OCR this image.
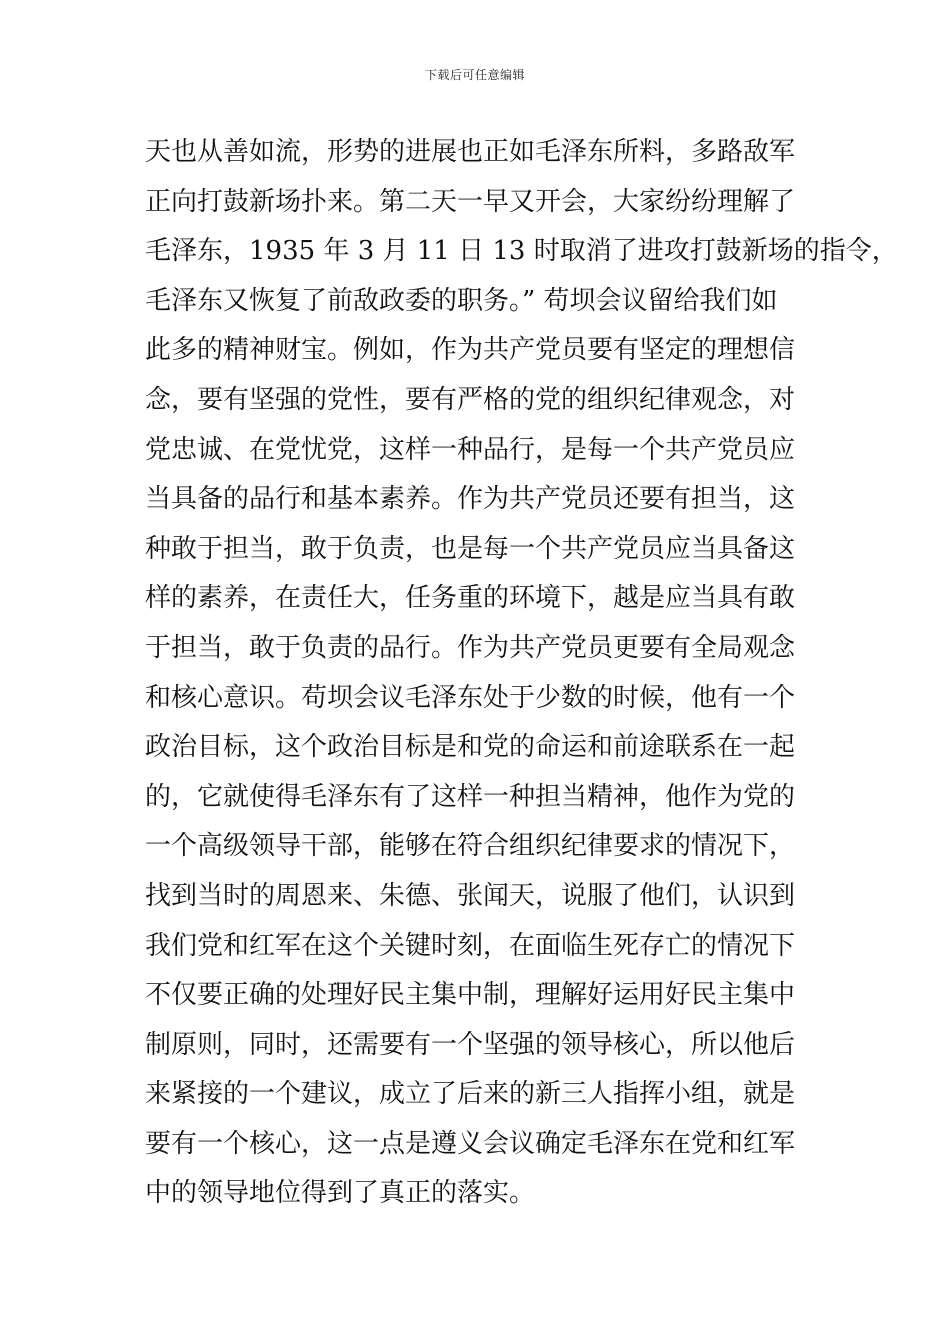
下载后可任意编辑
天也从善如流，形势的进展也正如毛泽东所料，多路敌军
正向打鼓新场扑来。第二天一早又开会，大家纷纷理解了
毛泽东，1935 年 3 月 11 日 13 时取消了进攻打鼓新场的指令，
毛泽东又恢复了前敌政委的职务。” 苟坝会议留给我们如
此多的精神财宝。例如，作为共产党员要有坚定的理想信
念，要有坚强的党性，要有严格的党的组织纪律观念，对
党忠诚、在党忧党，这样一种品行，是每一个共产党员应
当具备的品行和基本素养。作为共产党员还要有担当，这
种敢于担当，敢于负责，也是每一个共产党员应当具备这
样的素养，在责任大，任务重的环境下，越是应当具有敢
于担当，敢于负责的品行。作为共产党员更要有全局观念
和核心意识。苟坝会议毛泽东处于少数的时候，他有一个
政治目标，这个政治目标是和党的命运和前途联系在一起
的，它就使得毛泽东有了这样一种担当精神，他作为党的
一个高级领导干部，能够在符合组织纪律要求的情况下，
找到当时的周恩来、朱德、张闻天，说服了他们，认识到
我们党和红军在这个关键时刻，在面临生死存亡的情况下
不仅要正确的处理好民主集中制，理解好运用好民主集中
制原则，同时，还需要有一个坚强的领导核心，所以他后
来紧接的一个建议，成立了后来的新三人指挥小组，就是
要有一个核心，这一点是遵义会议确定毛泽东在党和红军
中的领导地位得到了真正的落实。
